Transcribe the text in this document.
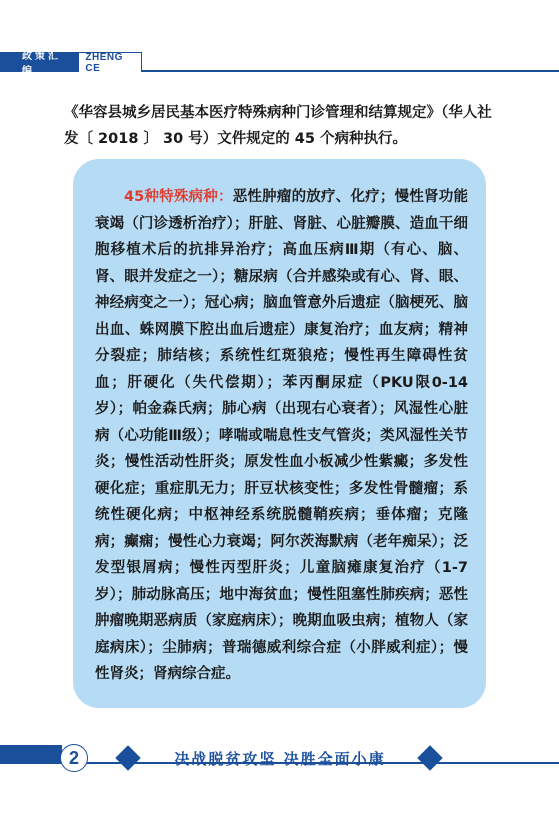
政策汇编
ZHENG CE
《华容县城乡居民基本医疗特殊病种门诊管理和结算规定》（华人社发〔 2018 〕 30 号）文件规定的 45 个病种执行。
45种特殊病种：恶性肿瘤的放疗、化疗；慢性肾功能衰竭（门诊透析治疗）；肝脏、肾脏、心脏瓣膜、造血干细胞移植术后的抗排异治疗；高血压病Ⅲ期（有心、脑、肾、眼并发症之一）；糖尿病（合并感染或有心、肾、眼、神经病变之一）；冠心病；脑血管意外后遗症（脑梗死、脑出血、蛛网膜下腔出血后遗症）康复治疗；血友病；精神分裂症；肺结核；系统性红斑狼疮；慢性再生障碍性贫血；肝硬化（失代偿期）；苯丙酮尿症（PKU限0-14岁）；帕金森氏病；肺心病（出现右心衰者）；风湿性心脏病（心功能Ⅲ级）；哮喘或喘息性支气管炎；类风湿性关节炎；慢性活动性肝炎；原发性血小板减少性紫癜；多发性硬化症；重症肌无力；肝豆状核变性；多发性骨髓瘤；系统性硬化病；中枢神经系统脱髓鞘疾病；垂体瘤；克隆病；癫痫；慢性心力衰竭；阿尔茨海默病（老年痴呆）；泛发型银屑病；慢性丙型肝炎；儿童脑瘫康复治疗（1-7岁）；肺动脉高压；地中海贫血；慢性阻塞性肺疾病；恶性肿瘤晚期恶病质（家庭病床）；晚期血吸虫病；植物人（家庭病床）；尘肺病；普瑞德威利综合症（小胖威利症）；慢性肾炎；肾病综合症。
2	决战脱贫攻坚 决胜全面小康
